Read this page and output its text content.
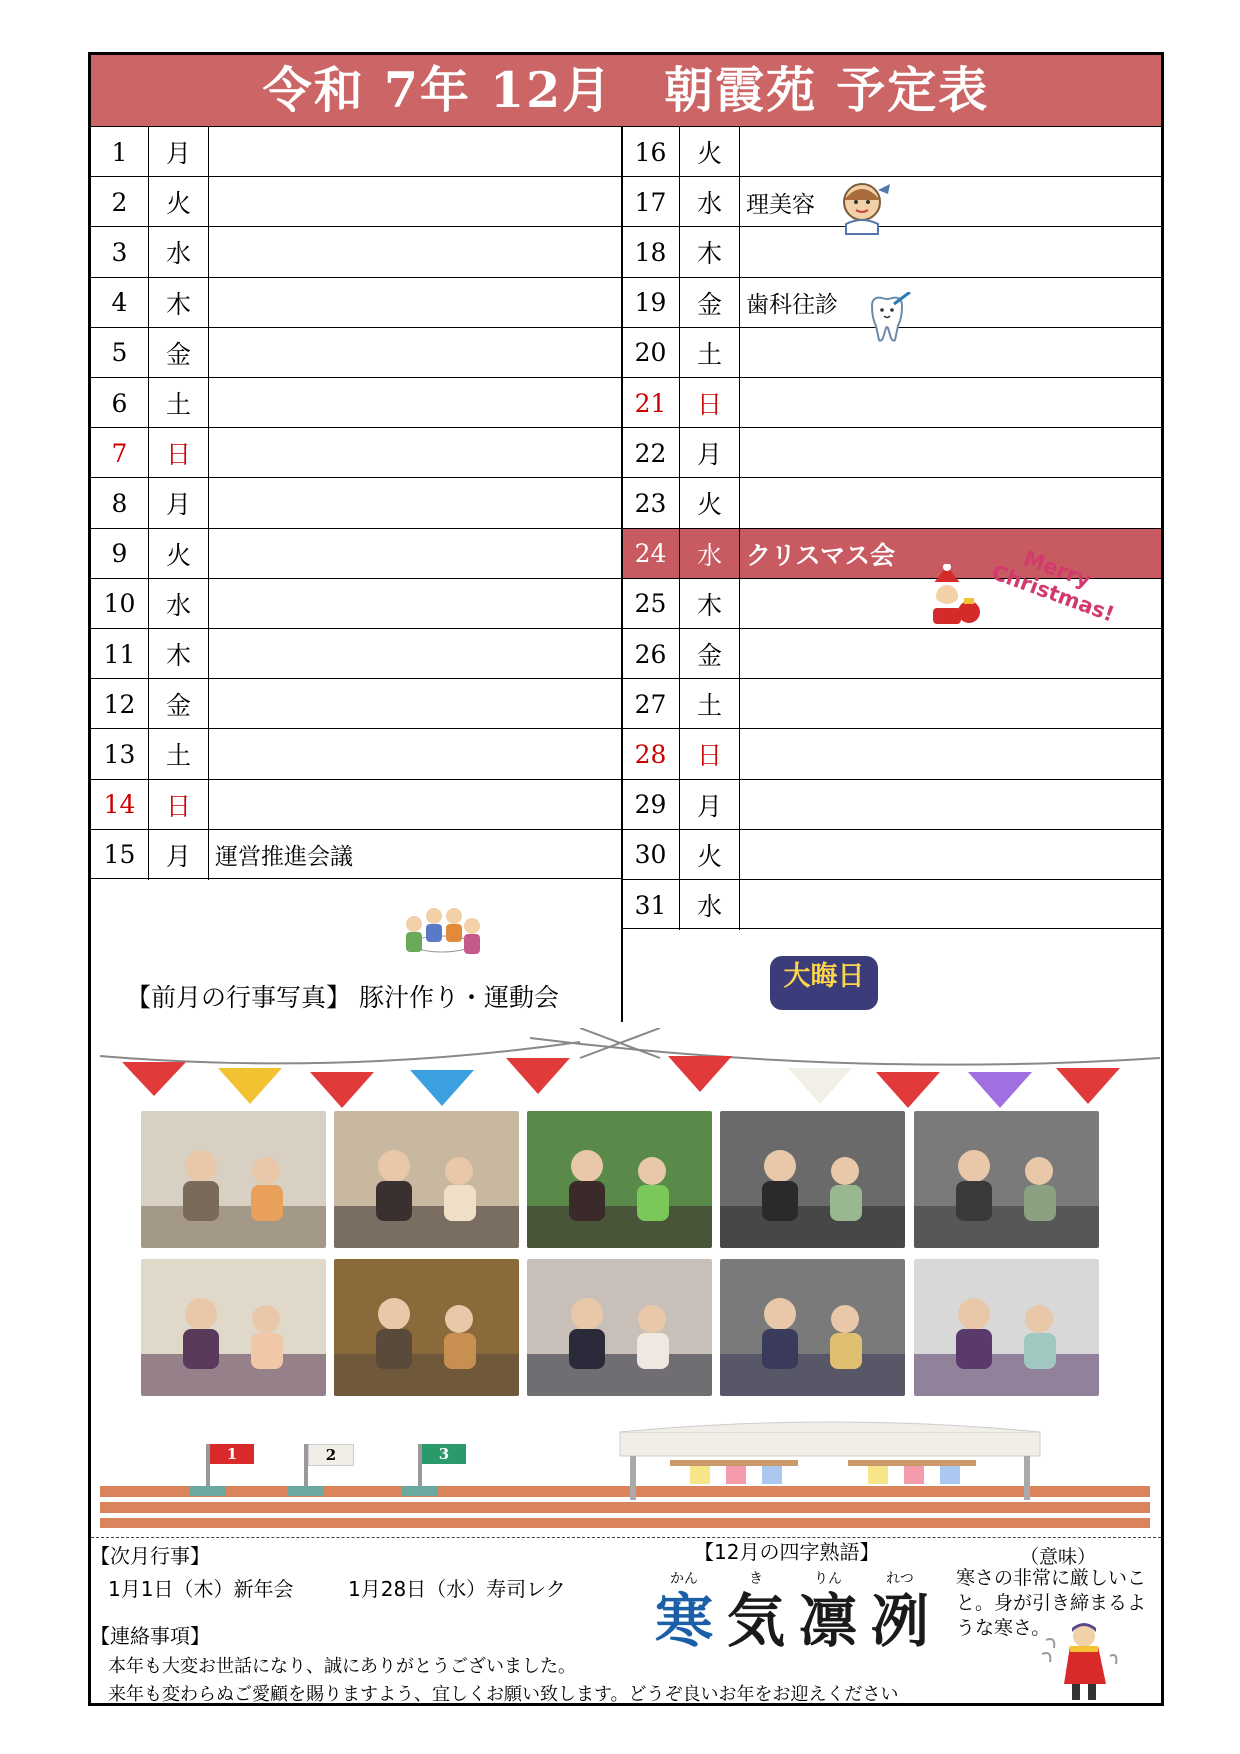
令和 7年 12月　朝霞苑 予定表
1	月
2	火
3	水
4	木
5	金
6	土
7	日
8	月
9	火
10	水
11	木
12	金
13	土
14	日
15	月	運営推進会議
16	火
17	水	理美容
18	木
19	金	歯科往診
20	土
21	日
22	月
23	火
24	水 クリスマス会
25	木
26	金
27	土
28	日
29	月
30	火
31	水
Merry Christmas!
大晦日
【前月の行事写真】 豚汁作り・運動会
1	2	3
【次月行事】
1月1日（木）新年会	1月28日（水）寿司レク
【連絡事項】
本年も大変お世話になり、誠にありがとうございました。
来年も変わらぬご愛顧を賜りますよう、宜しくお願い致します。どうぞ良いお年をお迎えください
【12月の四字熟語】
かん
寒
き
気
りん
凛
れつ
冽
（意味）
寒さの非常に厳しいこと。身が引き締まるような寒さ。
